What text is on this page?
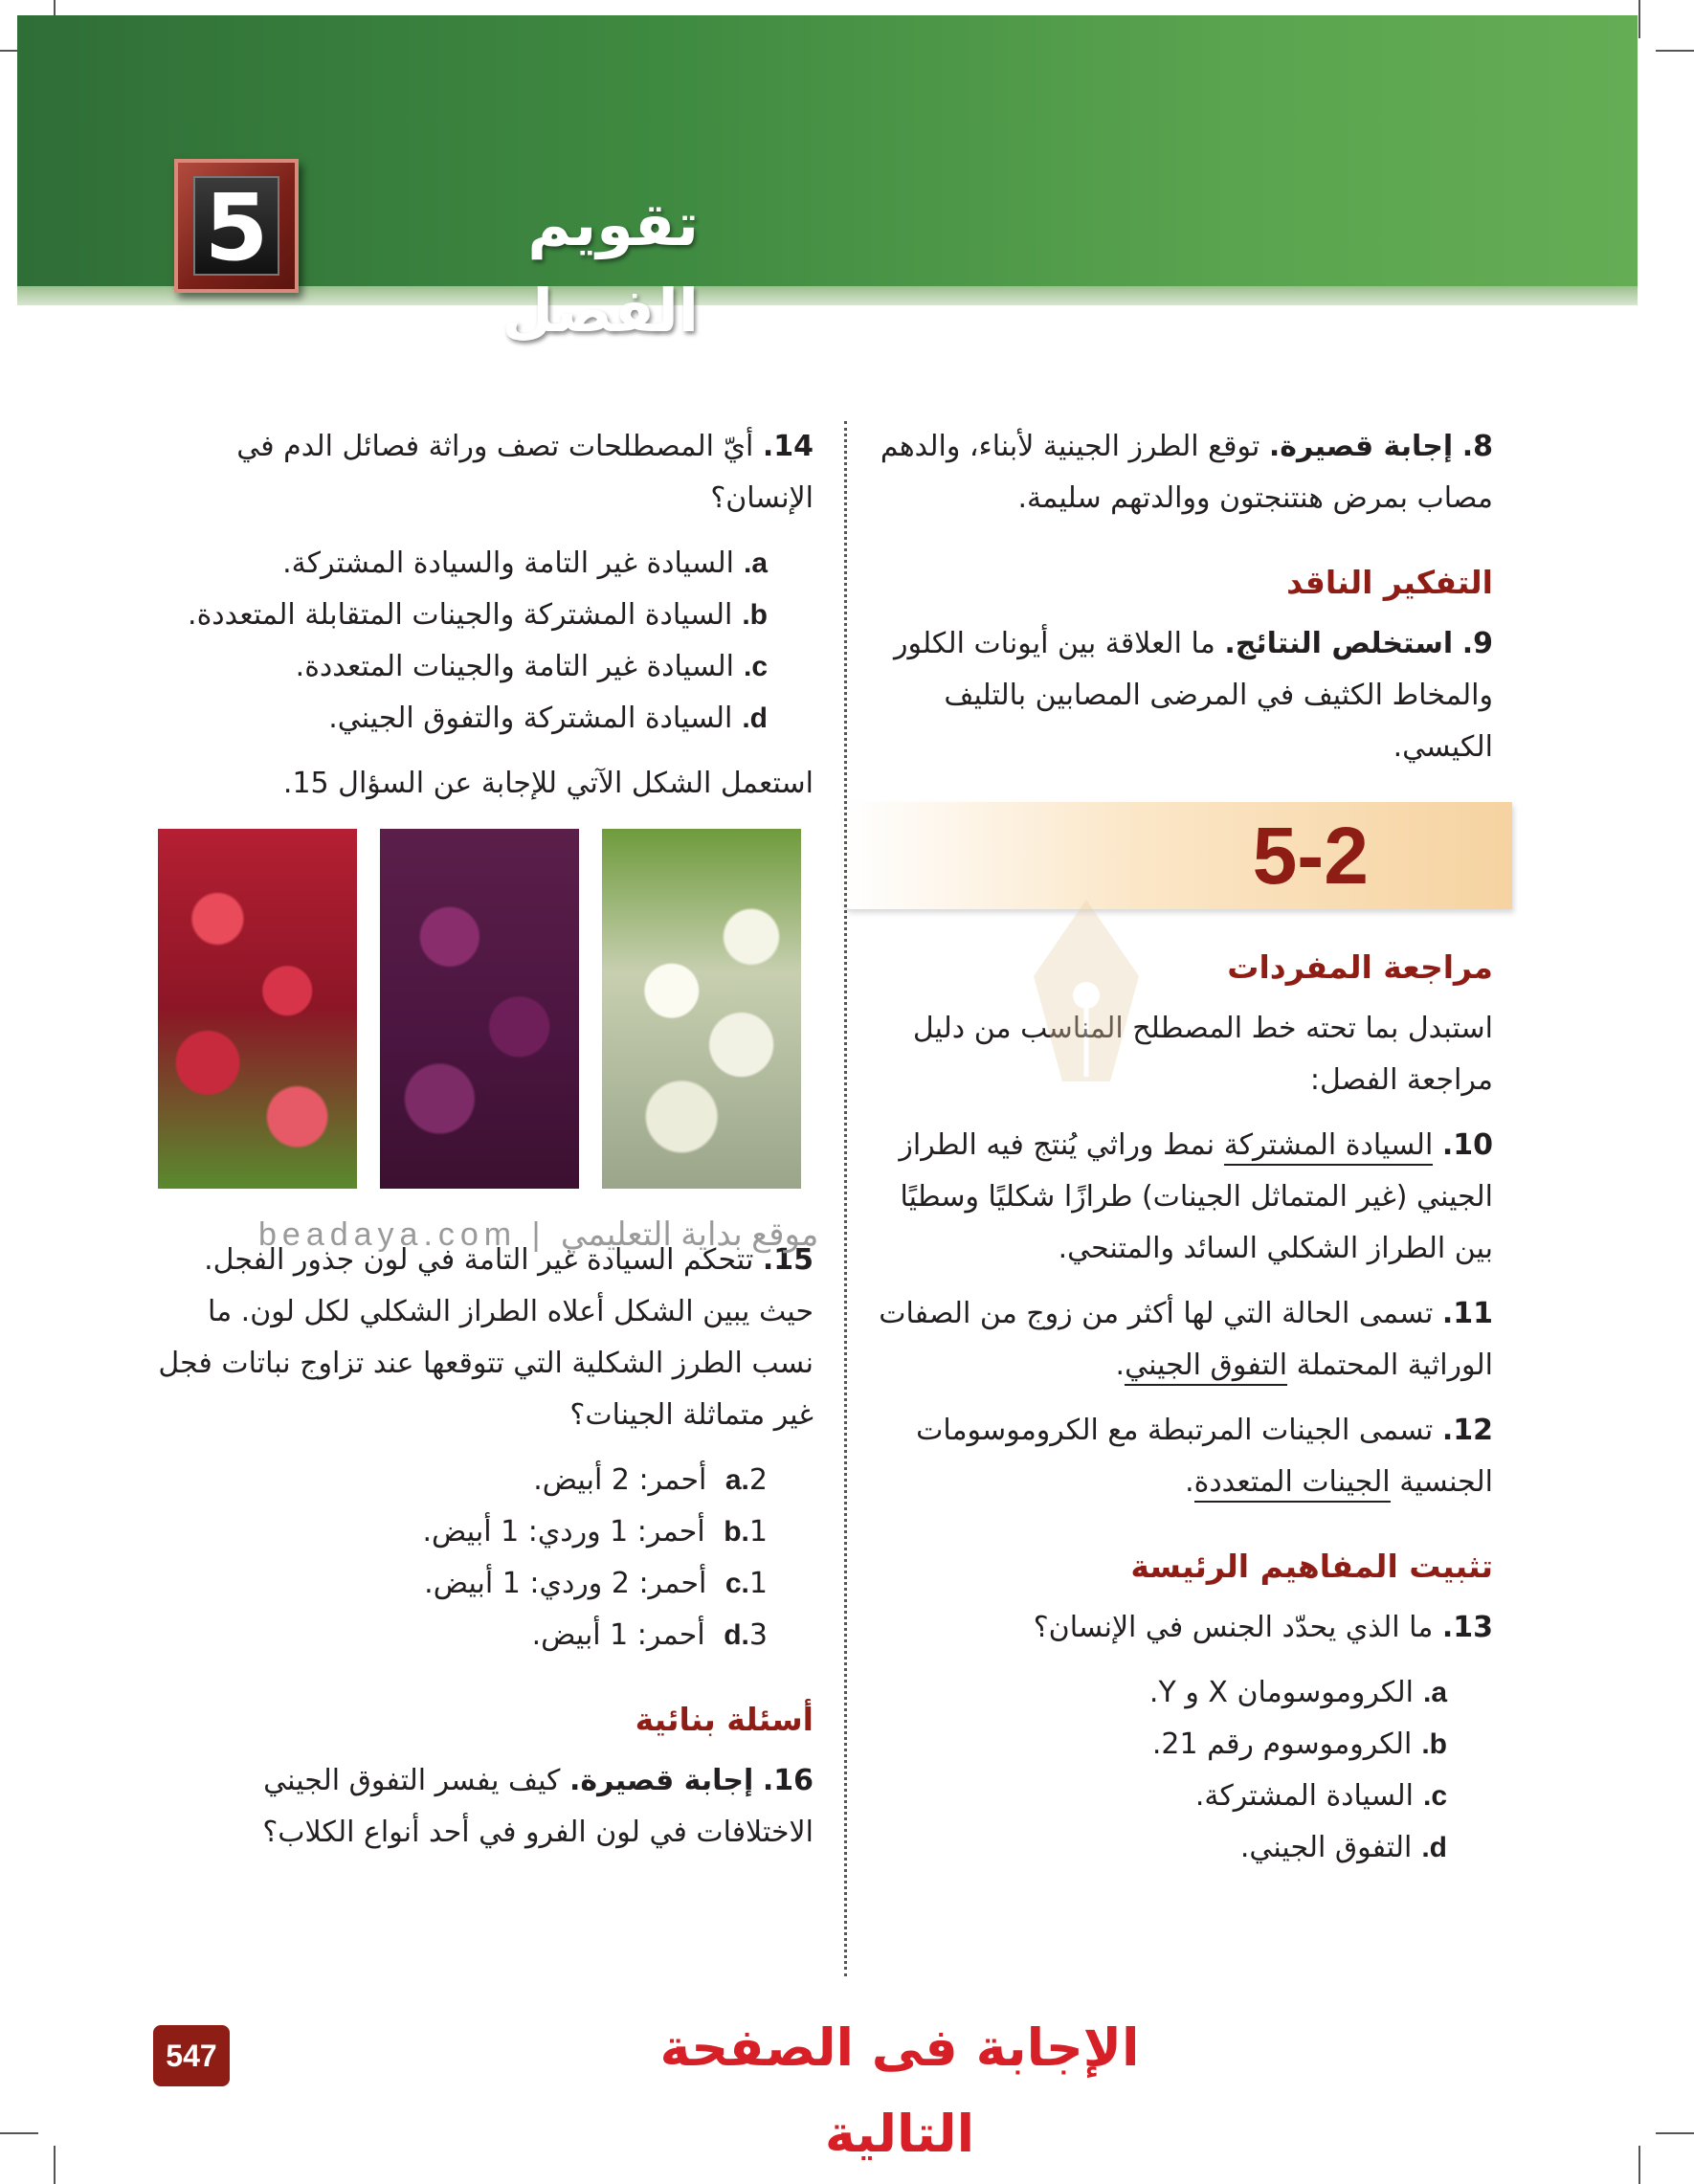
تقويم الفصل
5
8. إجابة قصيرة. توقع الطرز الجينية لأبناء، والدهم مصاب بمرض هنتنجتون ووالدتهم سليمة.
التفكير الناقد
9. استخلص النتائج. ما العلاقة بين أيونات الكلور والمخاط الكثيف في المرضى المصابين بالتليف الكيسي.
5-2
مراجعة المفردات
استبدل بما تحته خط المصطلح المناسب من دليل مراجعة الفصل:
10. السيادة المشتركة نمط وراثي يُنتج فيه الطراز الجيني (غير المتماثل الجينات) طرازًا شكليًا وسطيًا بين الطراز الشكلي السائد والمتنحي.
11. تسمى الحالة التي لها أكثر من زوج من الصفات الوراثية المحتملة التفوق الجيني.
12. تسمى الجينات المرتبطة مع الكروموسومات الجنسية الجينات المتعددة.
تثبيت المفاهيم الرئيسة
13. ما الذي يحدّد الجنس في الإنسان؟
a.الكروموسومان X و Y.
b.الكروموسوم رقم 21.
c.السيادة المشتركة.
d.التفوق الجيني.
14. أيّ المصطلحات تصف وراثة فصائل الدم في الإنسان؟
a.السيادة غير التامة والسيادة المشتركة.
b.السيادة المشتركة والجينات المتقابلة المتعددة.
c.السيادة غير التامة والجينات المتعددة.
d.السيادة المشتركة والتفوق الجيني.
استعمل الشكل الآتي للإجابة عن السؤال 15.
15. تتحكم السيادة غير التامة في لون جذور الفجل. حيث يبين الشكل أعلاه الطراز الشكلي لكل لون. ما نسب الطرز الشكلية التي تتوقعها عند تزاوج نباتات فجل غير متماثلة الجينات؟
a.2 أحمر: 2 أبيض.
b.1 أحمر: 1 وردي: 1 أبيض.
c.1 أحمر: 2 وردي: 1 أبيض.
d.3 أحمر: 1 أبيض.
أسئلة بنائية
16. إجابة قصيرة. كيف يفسر التفوق الجيني الاختلافات في لون الفرو في أحد أنواع الكلاب؟
beadaya.com | موقع بداية التعليمي
547	الإجابة فى الصفحة التالية
